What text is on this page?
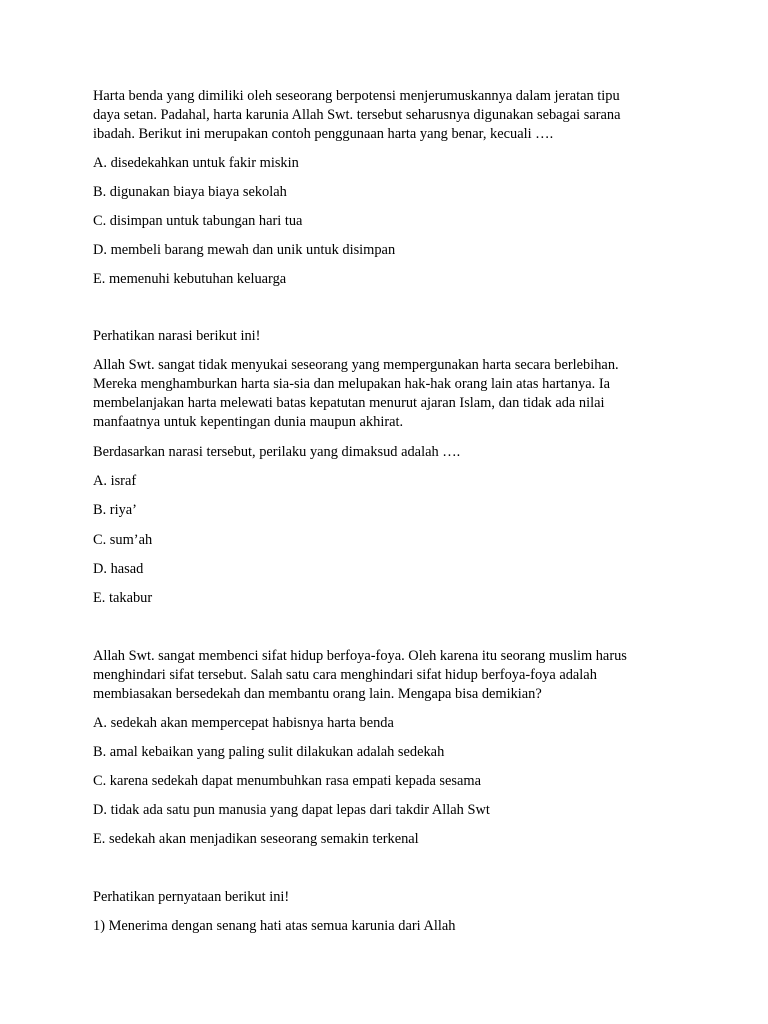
Harta benda yang dimiliki oleh seseorang berpotensi menjerumuskannya dalam jeratan tipu
daya setan. Padahal, harta karunia Allah Swt. tersebut seharusnya digunakan sebagai sarana
ibadah. Berikut ini merupakan contoh penggunaan harta yang benar, kecuali ….
A. disedekahkan untuk fakir miskin
B. digunakan biaya biaya sekolah
C. disimpan untuk tabungan hari tua
D. membeli barang mewah dan unik untuk disimpan
E. memenuhi kebutuhan keluarga
Perhatikan narasi berikut ini!
Allah Swt. sangat tidak menyukai seseorang yang mempergunakan harta secara berlebihan.
Mereka menghamburkan harta sia-sia dan melupakan hak-hak orang lain atas hartanya. Ia
membelanjakan harta melewati batas kepatutan menurut ajaran Islam, dan tidak ada nilai
manfaatnya untuk kepentingan dunia maupun akhirat.
Berdasarkan narasi tersebut, perilaku yang dimaksud adalah ….
A. israf
B. riya’
C. sum’ah
D. hasad
E. takabur
Allah Swt. sangat membenci sifat hidup berfoya-foya. Oleh karena itu seorang muslim harus
menghindari sifat tersebut. Salah satu cara menghindari sifat hidup berfoya-foya adalah
membiasakan bersedekah dan membantu orang lain. Mengapa bisa demikian?
A. sedekah akan mempercepat habisnya harta benda
B. amal kebaikan yang paling sulit dilakukan adalah sedekah
C. karena sedekah dapat menumbuhkan rasa empati kepada sesama
D. tidak ada satu pun manusia yang dapat lepas dari takdir Allah Swt
E. sedekah akan menjadikan seseorang semakin terkenal
Perhatikan pernyataan berikut ini!
1) Menerima dengan senang hati atas semua karunia dari Allah
